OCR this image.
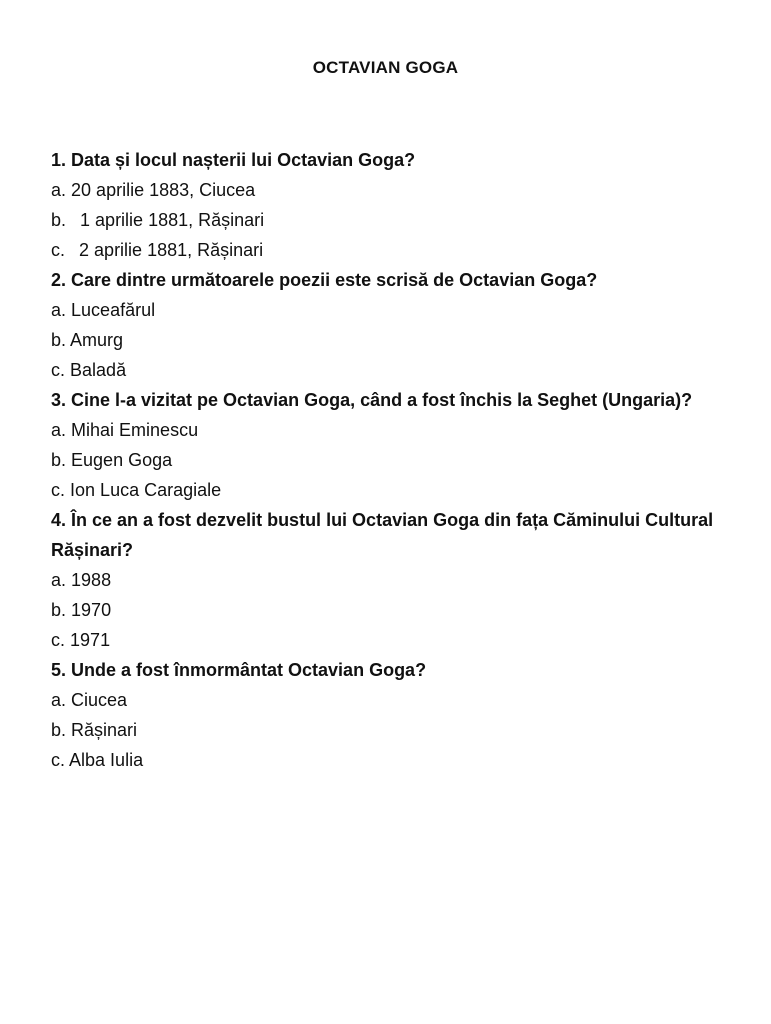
OCTAVIAN GOGA
1. Data și locul nașterii lui Octavian Goga?
a. 20 aprilie 1883, Ciucea
b. 1 aprilie 1881, Rășinari
c. 2 aprilie 1881, Rășinari
2. Care dintre următoarele poezii este scrisă de Octavian Goga?
a. Luceafărul
b. Amurg
c. Baladă
3. Cine l-a vizitat pe Octavian Goga, când a fost închis la Seghet (Ungaria)?
a. Mihai Eminescu
b. Eugen Goga
c. Ion Luca Caragiale
4. În ce an a fost dezvelit bustul lui Octavian Goga din fața Căminului Cultural Rășinari?
a. 1988
b. 1970
c. 1971
5. Unde a fost înmormântat Octavian Goga?
a. Ciucea
b. Rășinari
c. Alba Iulia
